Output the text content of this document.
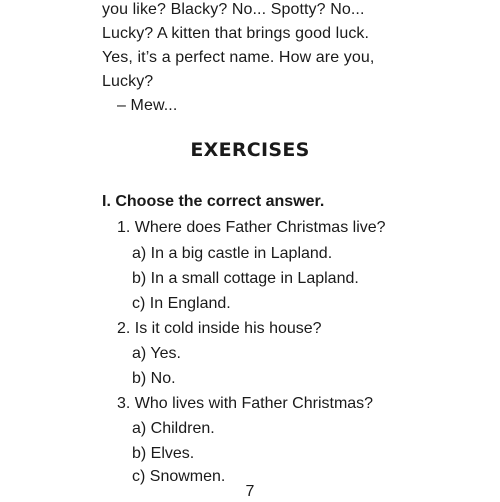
you like? Blacky? No... Spotty? No...
Lucky? A kitten that brings good luck.
Yes, it’s a perfect name. How are you,
Lucky?
– Mew...
EXERCISES
I. Choose the correct answer.
1. Where does Father Christmas live?
a) In a big castle in Lapland.
b) In a small cottage in Lapland.
c) In England.
2. Is it cold inside his house?
a) Yes.
b) No.
3. Who lives with Father Christmas?
a) Children.
b) Elves.
c) Snowmen.
7
